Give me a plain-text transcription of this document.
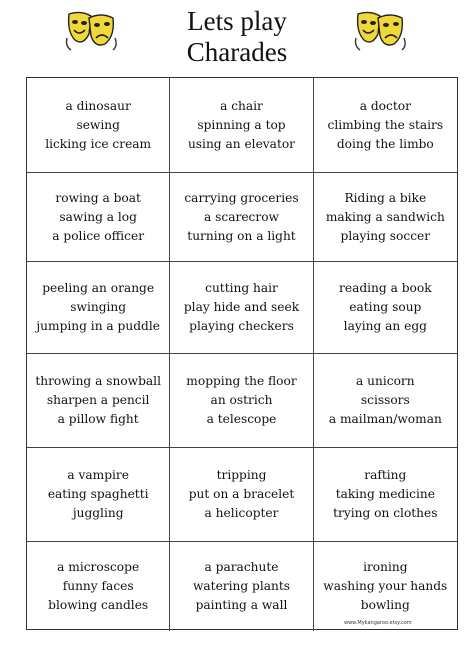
Lets play
Charades
a dinosaur
sewing
licking ice cream
a chair
spinning a top
using an elevator
a doctor
climbing the stairs
doing the limbo
rowing a boat
sawing a log
a police officer
carrying groceries
a scarecrow
turning on a light
Riding a bike
making a sandwich
playing soccer
peeling an orange
swinging
jumping in a puddle
cutting hair
play hide and seek
playing checkers
reading a book
eating soup
laying an egg
throwing a snowball
sharpen a pencil
a pillow fight
mopping the floor
an ostrich
a telescope
a unicorn
scissors
a mailman/woman
a vampire
eating spaghetti
juggling
tripping
put on a bracelet
a helicopter
rafting
taking medicine
trying on clothes
a microscope
funny faces
blowing candles
a parachute
watering plants
painting a wall
ironing
washing your hands
bowling
www.Mykangaroo.etsy.com
